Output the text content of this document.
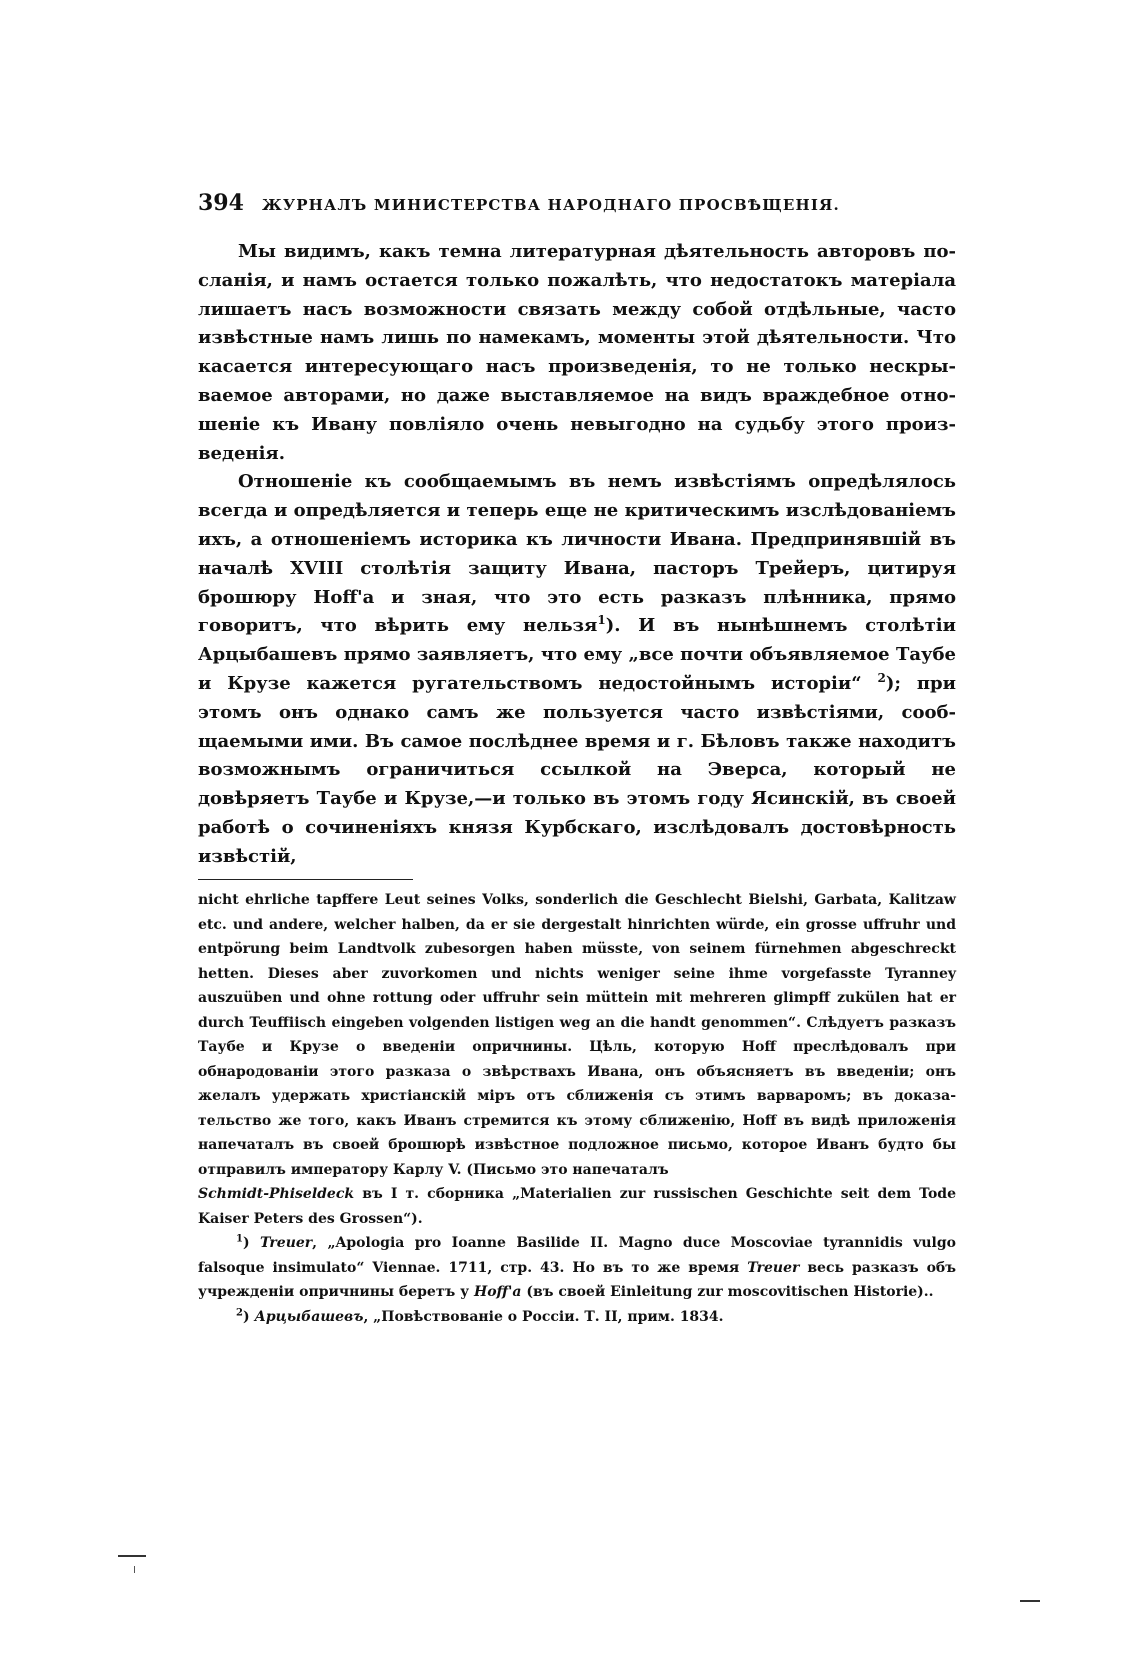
394 ЖУРНАЛЪ МИНИСТЕРСТВА НАРОДНАГО ПРОСВѢЩЕНІЯ.

Мы видимъ, какъ темна литературная дѣятельность авторовъ посланія, и намъ остается только пожалѣть, что недостатокъ матеріала лишаетъ насъ возможности связать между собой отдѣльные, часто извѣстные намъ лишь по намекамъ, моменты этой дѣятельности. Что касается интересующаго насъ произведенія, то не только нескрываемое авторами, но даже выставляемое на видъ враждебное отношеніе къ Ивану повліяло очень невыгодно на судьбу этого произведенія.

Отношеніе къ сообщаемымъ въ немъ извѣстіямъ опредѣлялось всегда и опредѣляется и теперь еще не критическимъ изслѣдованіемъ ихъ, а отношеніемъ историка къ личности Ивана. Предпринявшій въ началѣ XVIII столѣтія защиту Ивана, пасторъ Трейеръ, цитируя брошюру Hoff'а и зная, что это есть разказъ плѣнника, прямо говоритъ, что вѣрить ему нельзя$^1$). И въ нынѣшнемъ столѣтіи Арцыбашевъ прямо заявляетъ, что ему „все почти объявляемое Таубе и Крузе кажется ругательствомъ недостойнымъ исторіи“ $^2$); при этомъ онъ однако самъ же пользуется часто извѣстіями, сообщаемыми ими. Въ самое послѣднее время и г. Бѣловъ также находитъ возможнымъ ограничиться ссылкой на Эверса, который не довѣряетъ Таубе и Крузе,—и только въ этомъ году Ясинскій, въ своей работѣ о сочиненіяхъ князя Курбскаго, изслѣдовалъ достовѣрность извѣстій,

nicht ehrliche tapffere Leut seines Volks, sonderlich die Geschlecht Bielshi, Garbata, Kalitzaw etc. und andere, welcher halben, da er sie dergestalt hinrichten würde, ein grosse uffruhr und entpörung beim Landtvolk zubesorgen haben müsste, von seinem fürnehmen abgeschreckt hetten. Dieses aber zuvorkomen und nichts weniger seine ihme vorgefasste Tyranney auszuüben und ohne rottung oder uffruhr sein müttein mit mehreren glimpff zukülen hat er durch Teuffiisch eingeben volgenden listigen weg an die handt genommen“. Слѣдуетъ разказъ Таубе и Крузе о введеніи опричнины. Цѣль, которую Hoff преслѣдовалъ при обнародованіи этого разказа о звѣрствахъ Ивана, онъ объясняетъ въ введеніи; онъ желалъ удержать христіанскій міръ отъ сближенія съ этимъ варваромъ; въ доказательство же того, какъ Иванъ стремится къ этому сближенію, Hoff въ видѣ приложенія напечаталъ въ своей брошюрѣ извѣстное подложное письмо, которое Иванъ будто бы отправилъ императору Карлу V. (Письмо это напечаталъ
Schmidt-Phiseldeck въ I т. сборника „Materialien zur russischen Geschichte seit dem Tode Kaiser Peters des Grossen“).

$^1$) Treuer, „Apologia pro Ioanne Basilide II. Magno duce Moscoviae tyrannidis vulgo falsoque insimulato“ Viennae. 1711, стр. 43. Но въ то же время Treuer весь разказъ объ учрежденіи опричнины беретъ у Hoff'a (въ своей Einleitung zur moscovitischen Historie)..

$^2$) Арцыбашевъ, „Повѣствованіе о Россіи. Т. II, прим. 1834.
